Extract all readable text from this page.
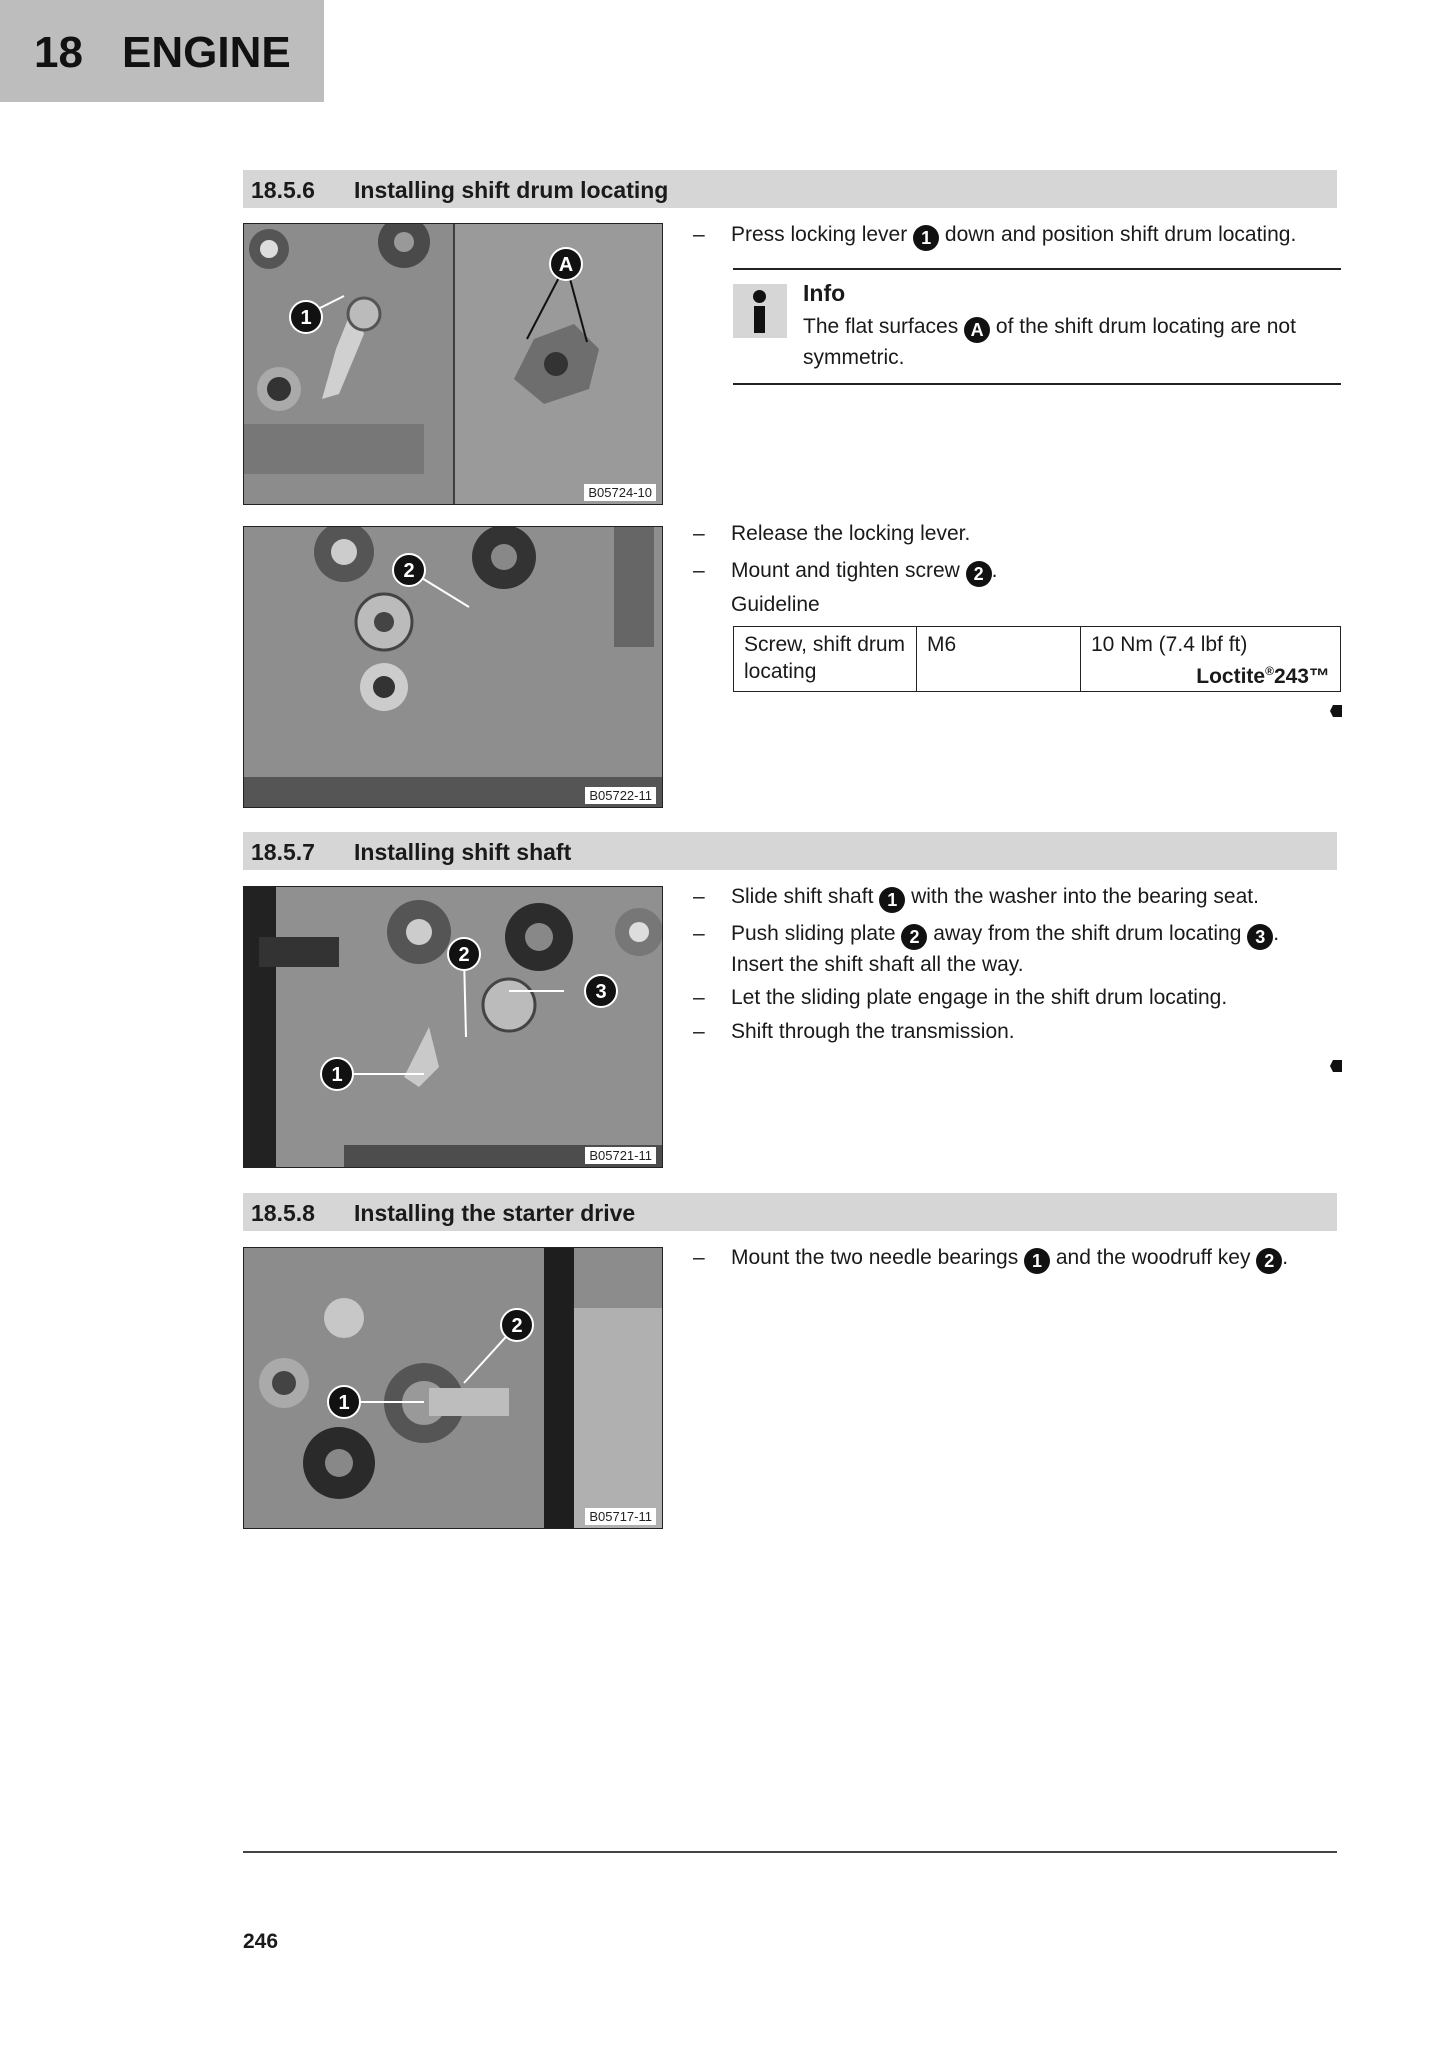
18 ENGINE
18.5.6 Installing shift drum locating
1
A
B05724-10
– Press locking lever 1 down and position shift drum locating.
Info
The flat surfaces A of the shift drum locating are not symmetric.
2
B05722-11
– Release the locking lever.
– Mount and tighten screw 2 .
Guideline
Screw, shift drum locating
M6	10 Nm (7.4 lbf ft)
Loctite®243™
18.5.7 Installing shift shaft
2
3
1
B05721-11
– Slide shift shaft 1 with the washer into the bearing seat.
– Push sliding plate 2 away from the shift drum locating 3 .
Insert the shift shaft all the way.
– Let the sliding plate engage in the shift drum locating.
– Shift through the transmission.
18.5.8 Installing the starter drive
2
1
B05717-11
– Mount the two needle bearings 1 and the woodruff key 2 .
246
